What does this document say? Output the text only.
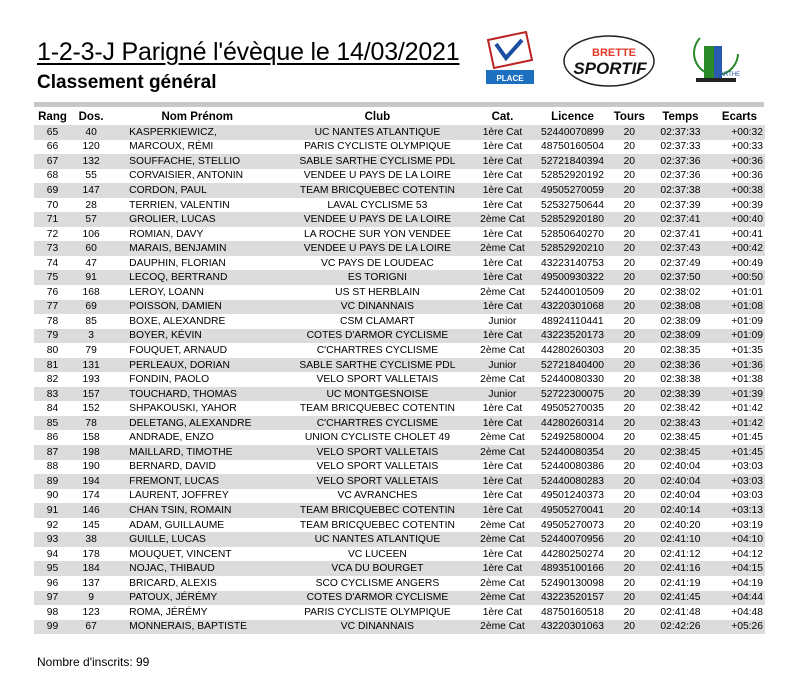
1-2-3-J Parigné l'évèque le 14/03/2021
Classement général	PLACE
BRETTE
SPORTIF	SARTHE
Rang	Dos.	Nom Prénom	Club	Cat.	Licence	Tours	Temps	Ecarts
65	40	KASPERKIEWICZ,	UC NANTES ATLANTIQUE	1ère Cat	52440070899	20	02:37:33	+00:32
66	120	MARCOUX, RÉMI	PARIS CYCLISTE OLYMPIQUE	1ère Cat	48750160504	20	02:37:33	+00:33
67	132	SOUFFACHE, STELLIO	SABLE SARTHE CYCLISME PDL	1ère Cat	52721840394	20	02:37:36	+00:36
68	55	CORVAISIER, ANTONIN	VENDEE U PAYS DE LA LOIRE	1ère Cat	52852920192	20	02:37:36	+00:36
69	147	CORDON, PAUL	TEAM BRICQUEBEC COTENTIN	1ère Cat	49505270059	20	02:37:38	+00:38
70	28	TERRIEN, VALENTIN	LAVAL CYCLISME 53	1ère Cat	52532750644	20	02:37:39	+00:39
71	57	GROLIER, LUCAS	VENDEE U PAYS DE LA LOIRE	2ème Cat	52852920180	20	02:37:41	+00:40
72	106	ROMIAN, DAVY	LA ROCHE SUR YON VENDEE	1ère Cat	52850640270	20	02:37:41	+00:41
73	60	MARAIS, BENJAMIN	VENDEE U PAYS DE LA LOIRE	2ème Cat	52852920210	20	02:37:43	+00:42
74	47	DAUPHIN, FLORIAN	VC PAYS DE LOUDEAC	1ère Cat	43223140753	20	02:37:49	+00:49
75	91	LECOQ, BERTRAND	ES TORIGNI	1ère Cat	49500930322	20	02:37:50	+00:50
76	168	LEROY, LOANN	US ST HERBLAIN	2ème Cat	52440010509	20	02:38:02	+01:01
77	69	POISSON, DAMIEN	VC DINANNAIS	1ère Cat	43220301068	20	02:38:08	+01:08
78	85	BOXE, ALEXANDRE	CSM CLAMART	Junior	48924110441	20	02:38:09	+01:09
79	3	BOYER, KÉVIN	COTES D'ARMOR CYCLISME	1ère Cat	43223520173	20	02:38:09	+01:09
80	79	FOUQUET, ARNAUD	C'CHARTRES CYCLISME	2ème Cat	44280260303	20	02:38:35	+01:35
81	131	PERLEAUX, DORIAN	SABLE SARTHE CYCLISME PDL	Junior	52721840400	20	02:38:36	+01:36
82	193	FONDIN, PAOLO	VELO SPORT VALLETAIS	2ème Cat	52440080330	20	02:38:38	+01:38
83	157	TOUCHARD, THOMAS	UC MONTGESNOISE	Junior	52722300075	20	02:38:39	+01:39
84	152	SHPAKOUSKI, YAHOR	TEAM BRICQUEBEC COTENTIN	1ère Cat	49505270035	20	02:38:42	+01:42
85	78	DELETANG, ALEXANDRE	C'CHARTRES CYCLISME	1ère Cat	44280260314	20	02:38:43	+01:42
86	158	ANDRADE, ENZO	UNION CYCLISTE CHOLET 49	2ème Cat	52492580004	20	02:38:45	+01:45
87	198	MAILLARD, TIMOTHE	VELO SPORT VALLETAIS	2ème Cat	52440080354	20	02:38:45	+01:45
88	190	BERNARD, DAVID	VELO SPORT VALLETAIS	1ère Cat	52440080386	20	02:40:04	+03:03
89	194	FREMONT, LUCAS	VELO SPORT VALLETAIS	1ère Cat	52440080283	20	02:40:04	+03:03
90	174	LAURENT, JOFFREY	VC AVRANCHES	1ère Cat	49501240373	20	02:40:04	+03:03
91	146	CHAN TSIN, ROMAIN	TEAM BRICQUEBEC COTENTIN	1ère Cat	49505270041	20	02:40:14	+03:13
92	145	ADAM, GUILLAUME	TEAM BRICQUEBEC COTENTIN	2ème Cat	49505270073	20	02:40:20	+03:19
93	38	GUILLE, LUCAS	UC NANTES ATLANTIQUE	2ème Cat	52440070956	20	02:41:10	+04:10
94	178	MOUQUET, VINCENT	VC LUCEEN	1ère Cat	44280250274	20	02:41:12	+04:12
95	184	NOJAC, THIBAUD	VCA DU BOURGET	1ère Cat	48935100166	20	02:41:16	+04:15
96	137	BRICARD, ALEXIS	SCO CYCLISME ANGERS	2ème Cat	52490130098	20	02:41:19	+04:19
97	9	PATOUX, JÉRÉMY	COTES D'ARMOR CYCLISME	2ème Cat	43223520157	20	02:41:45	+04:44
98	123	ROMA, JÉRÉMY	PARIS CYCLISTE OLYMPIQUE	1ère Cat	48750160518	20	02:41:48	+04:48
99	67	MONNERAIS, BAPTISTE	VC DINANNAIS	2ème Cat	43220301063	20	02:42:26	+05:26
Nombre d'inscrits: 99
